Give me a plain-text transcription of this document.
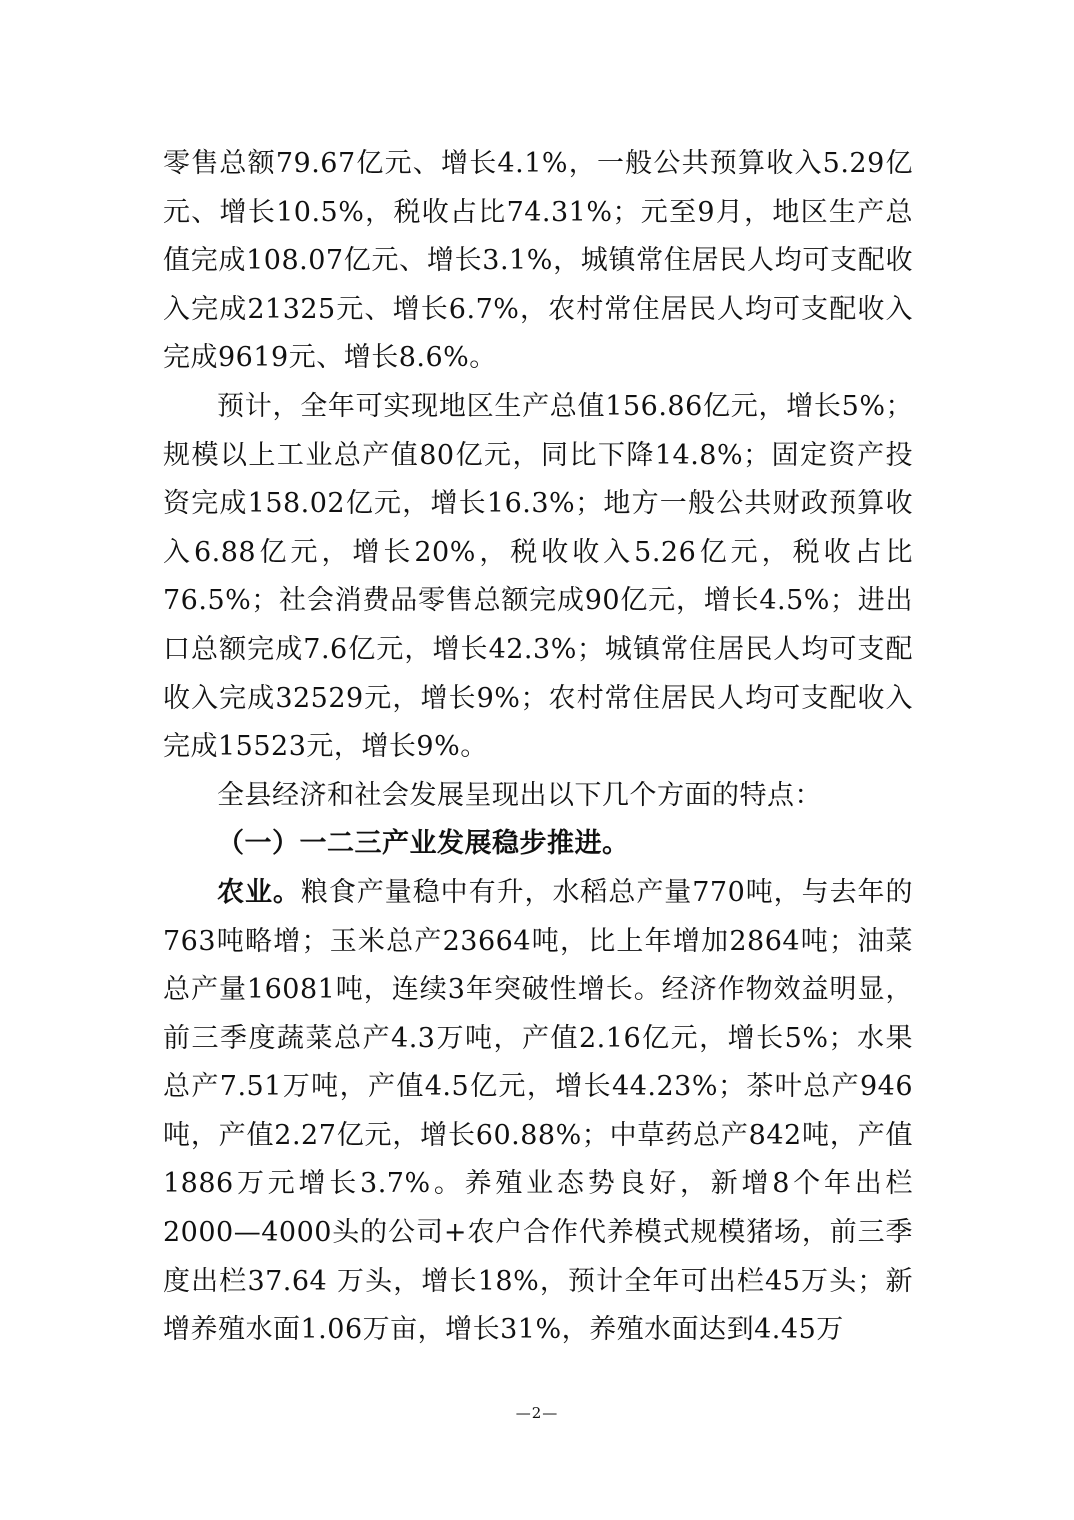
零售总额79.67亿元、增长4.1%，一般公共预算收入5.29亿元、增长10.5%，税收占比74.31%；元至9月，地区生产总值完成108.07亿元、增长3.1%，城镇常住居民人均可支配收入完成21325元、增长6.7%，农村常住居民人均可支配收入完成9619元、增长8.6%。

预计，全年可实现地区生产总值156.86亿元，增长5%；规模以上工业总产值80亿元，同比下降14.8%；固定资产投资完成158.02亿元，增长16.3%；地方一般公共财政预算收入6.88亿元，增长20%，税收收入5.26亿元，税收占比76.5%；社会消费品零售总额完成90亿元，增长4.5%；进出口总额完成7.6亿元，增长42.3%；城镇常住居民人均可支配收入完成32529元，增长9%；农村常住居民人均可支配收入完成15523元，增长9%。

全县经济和社会发展呈现出以下几个方面的特点：

（一）一二三产业发展稳步推进。

农业。粮食产量稳中有升，水稻总产量770吨，与去年的763吨略增；玉米总产23664吨，比上年增加2864吨；油菜总产量16081吨，连续3年突破性增长。经济作物效益明显，前三季度蔬菜总产4.3万吨，产值2.16亿元，增长5%；水果总产7.51万吨，产值4.5亿元，增长44.23%；茶叶总产946吨，产值2.27亿元，增长60.88%；中草药总产842吨，产值1886万元增长3.7%。养殖业态势良好，新增8个年出栏2000—4000头的公司+农户合作代养模式规模猪场，前三季度出栏37.64 万头，增长18%，预计全年可出栏45万头；新增养殖水面1.06万亩，增长31%，养殖水面达到4.45万

—2—
